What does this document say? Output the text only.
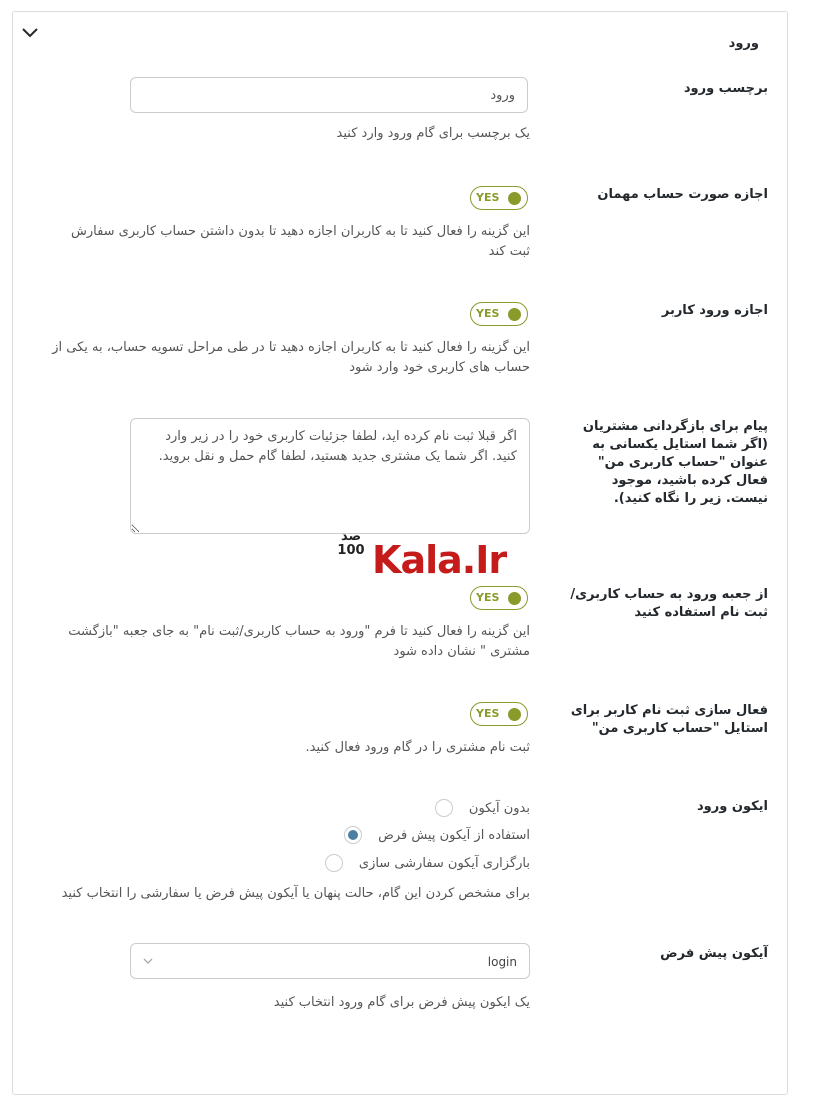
ورود
برچسب ورود
ورود
یک برچسب برای گام ورود وارد کنید
اجازه صورت حساب مهمان
YES
این گزینه را فعال کنید تا به کاربران اجازه دهید تا بدون داشتن حساب کاربری سفارش ثبت کند
اجازه ورود کاربر
YES
این گزینه را فعال کنید تا به کاربران اجازه دهید تا در طی مراحل تسویه حساب، به یکی از حساب های کاربری خود وارد شود
پیام برای بازگردانی مشتریان (اگر شما استایل یکسانی به عنوان "حساب کاربری من" فعال کرده باشید، موجود نیست. زیر را نگاه کنید).
اگر قبلا ثبت نام کرده اید، لطفا جزئیات کاربری خود را در زیر وارد کنید. اگر شما یک مشتری جدید هستید، لطفا گام حمل و نقل بروید.
صد 100 Kala.Ir
از جعبه ورود به حساب کاربری/ثبت نام استفاده کنید
YES
این گزینه را فعال کنید تا فرم "ورود به حساب کاربری/ثبت نام" به جای جعبه "بازگشت مشتری " نشان داده شود
فعال سازی ثبت نام کاربر برای استایل "حساب کاربری من"
YES
ثبت نام مشتری را در گام ورود فعال کنید.
ایکون ورود
بدون آیکون
استفاده از آیکون پیش فرض
بارگزاری آیکون سفارشی سازی
برای مشخص کردن این گام، حالت پنهان یا آیکون پیش فرض یا سفارشی را انتخاب کنید
آیکون پیش فرض
login
یک ایکون پیش فرض برای گام ورود انتخاب کنید
